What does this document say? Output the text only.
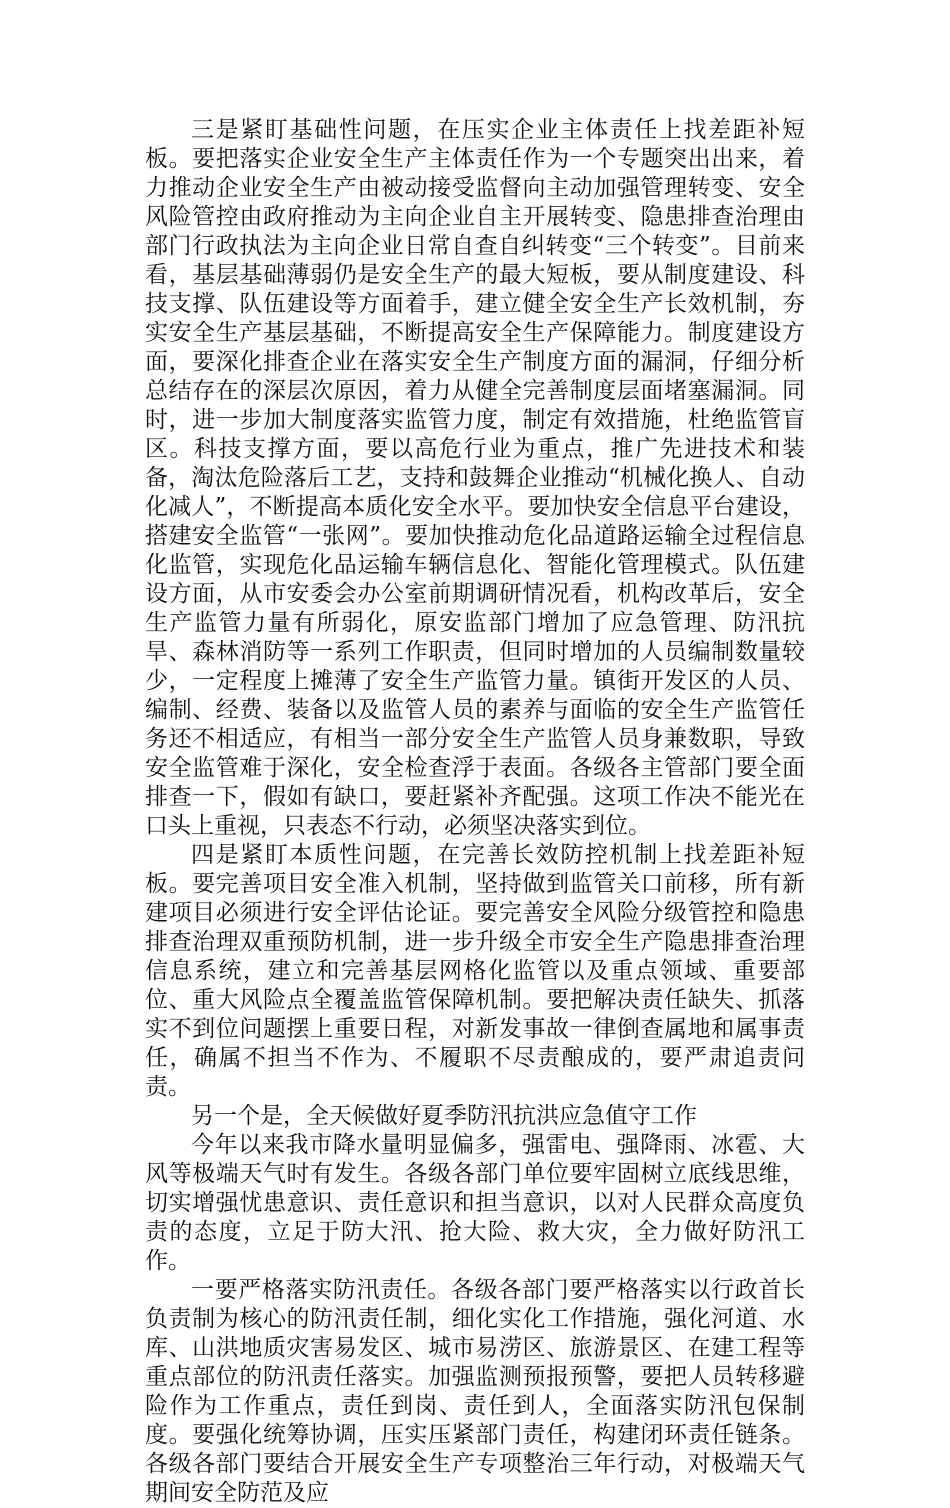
三是紧盯基础性问题，在压实企业主体责任上找差距补短板。要把落实企业安全生产主体责任作为一个专题突出出来，着力推动企业安全生产由被动接受监督向主动加强管理转变、安全风险管控由政府推动为主向企业自主开展转变、隐患排查治理由部门行政执法为主向企业日常自查自纠转变“三个转变”。目前来看，基层基础薄弱仍是安全生产的最大短板，要从制度建设、科技支撑、队伍建设等方面着手，建立健全安全生产长效机制，夯实安全生产基层基础，不断提高安全生产保障能力。制度建设方面，要深化排查企业在落实安全生产制度方面的漏洞，仔细分析总结存在的深层次原因，着力从健全完善制度层面堵塞漏洞。同时，进一步加大制度落实监管力度，制定有效措施，杜绝监管盲区。科技支撑方面，要以高危行业为重点，推广先进技术和装备，淘汰危险落后工艺，支持和鼓舞企业推动“机械化换人、自动化减人”，不断提高本质化安全水平。要加快安全信息平台建设，搭建安全监管“一张网”。要加快推动危化品道路运输全过程信息化监管，实现危化品运输车辆信息化、智能化管理模式。队伍建设方面，从市安委会办公室前期调研情况看，机构改革后，安全生产监管力量有所弱化，原安监部门增加了应急管理、防汛抗旱、森林消防等一系列工作职责，但同时增加的人员编制数量较少，一定程度上摊薄了安全生产监管力量。镇街开发区的人员、编制、经费、装备以及监管人员的素养与面临的安全生产监管任务还不相适应，有相当一部分安全生产监管人员身兼数职，导致安全监管难于深化，安全检查浮于表面。各级各主管部门要全面排查一下，假如有缺口，要赶紧补齐配强。这项工作决不能光在口头上重视，只表态不行动，必须坚决落实到位。

四是紧盯本质性问题，在完善长效防控机制上找差距补短板。要完善项目安全准入机制，坚持做到监管关口前移，所有新建项目必须进行安全评估论证。要完善安全风险分级管控和隐患排查治理双重预防机制，进一步升级全市安全生产隐患排查治理信息系统，建立和完善基层网格化监管以及重点领域、重要部位、重大风险点全覆盖监管保障机制。要把解决责任缺失、抓落实不到位问题摆上重要日程，对新发事故一律倒查属地和属事责任，确属不担当不作为、不履职不尽责酿成的，要严肃追责问责。

另一个是，全天候做好夏季防汛抗洪应急值守工作

今年以来我市降水量明显偏多，强雷电、强降雨、冰雹、大风等极端天气时有发生。各级各部门单位要牢固树立底线思维，切实增强忧患意识、责任意识和担当意识，以对人民群众高度负责的态度，立足于防大汛、抢大险、救大灾，全力做好防汛工作。

一要严格落实防汛责任。各级各部门要严格落实以行政首长负责制为核心的防汛责任制，细化实化工作措施，强化河道、水库、山洪地质灾害易发区、城市易涝区、旅游景区、在建工程等重点部位的防汛责任落实。加强监测预报预警，要把人员转移避险作为工作重点，责任到岗、责任到人，全面落实防汛包保制度。要强化统筹协调，压实压紧部门责任，构建闭环责任链条。各级各部门要结合开展安全生产专项整治三年行动，对极端天气期间安全防范及应
